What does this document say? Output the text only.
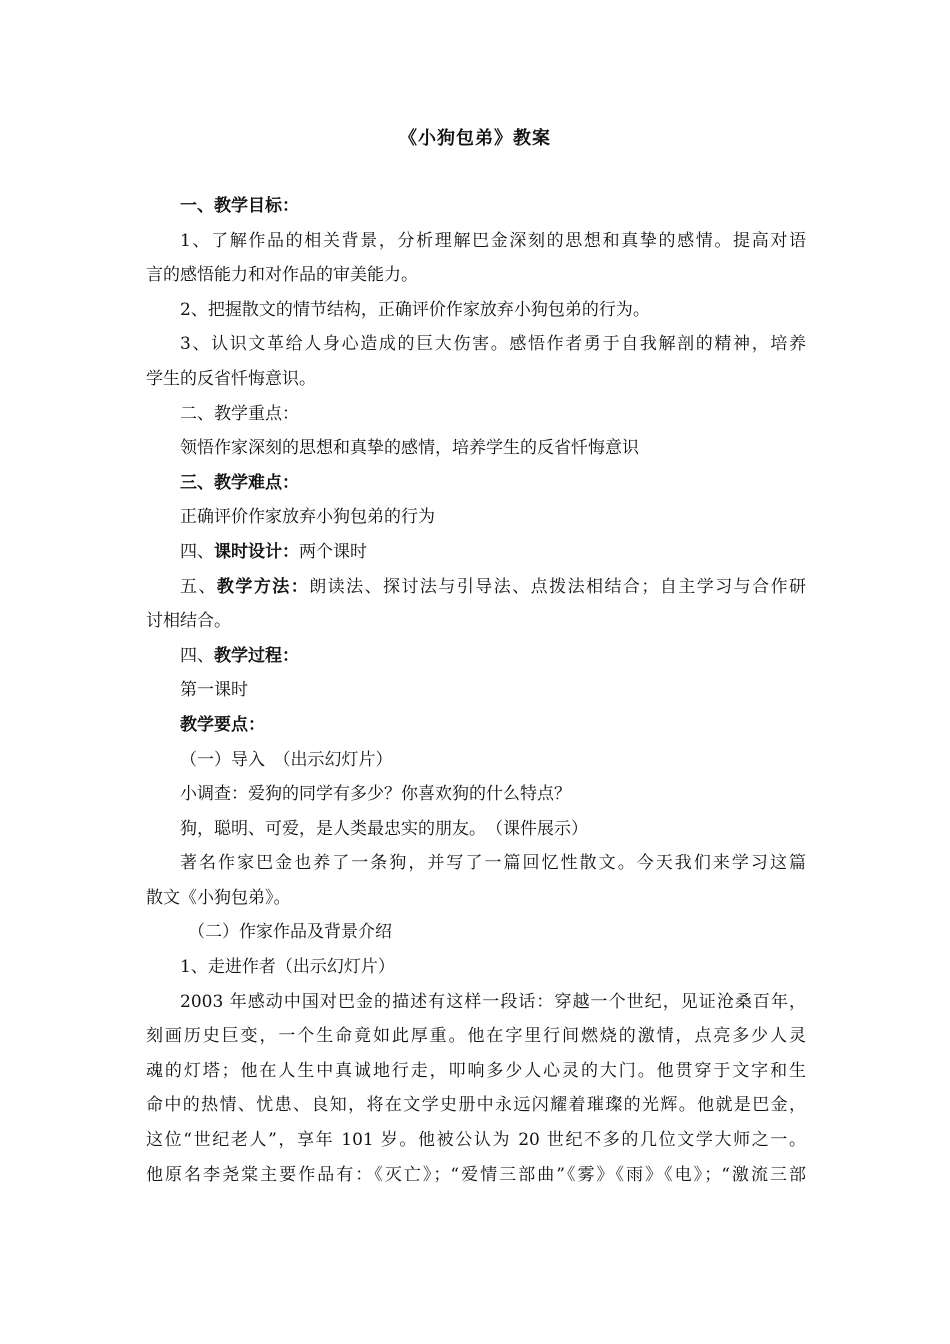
《小狗包弟》教案

一、教学目标：

1、了解作品的相关背景，分析理解巴金深刻的思想和真挚的感情。提高对语

言的感悟能力和对作品的审美能力。

2、把握散文的情节结构，正确评价作家放弃小狗包弟的行为。

3、认识文革给人身心造成的巨大伤害。感悟作者勇于自我解剖的精神，培养

学生的反省忏悔意识。

二、教学重点：

领悟作家深刻的思想和真挚的感情，培养学生的反省忏悔意识

三、教学难点：

正确评价作家放弃小狗包弟的行为

四、课时设计：两个课时

五、教学方法：朗读法、探讨法与引导法、点拨法相结合；自主学习与合作研

讨相结合。

四、教学过程：

第一课时

教学要点：

（一）导入　（出示幻灯片）

小调查：爱狗的同学有多少？你喜欢狗的什么特点？

狗，聪明、可爱，是人类最忠实的朋友。　（课件展示）

著名作家巴金也养了一条狗，并写了一篇回忆性散文。今天我们来学习这篇

散文《小狗包弟》。

（二）作家作品及背景介绍

1、走进作者（出示幻灯片）

2003 年感动中国对巴金的描述有这样一段话：穿越一个世纪，见证沧桑百年，

刻画历史巨变，一个生命竟如此厚重。他在字里行间燃烧的激情，点亮多少人灵

魂的灯塔；他在人生中真诚地行走，叩响多少人心灵的大门。他贯穿于文字和生

命中的热情、忧患、良知，将在文学史册中永远闪耀着璀璨的光辉。他就是巴金，

这位“世纪老人”，享年 101 岁。他被公认为 20 世纪不多的几位文学大师之一。

他原名李尧棠主要作品有：《灭亡》；“爱情三部曲”《雾》《雨》《电》；“激流三部
